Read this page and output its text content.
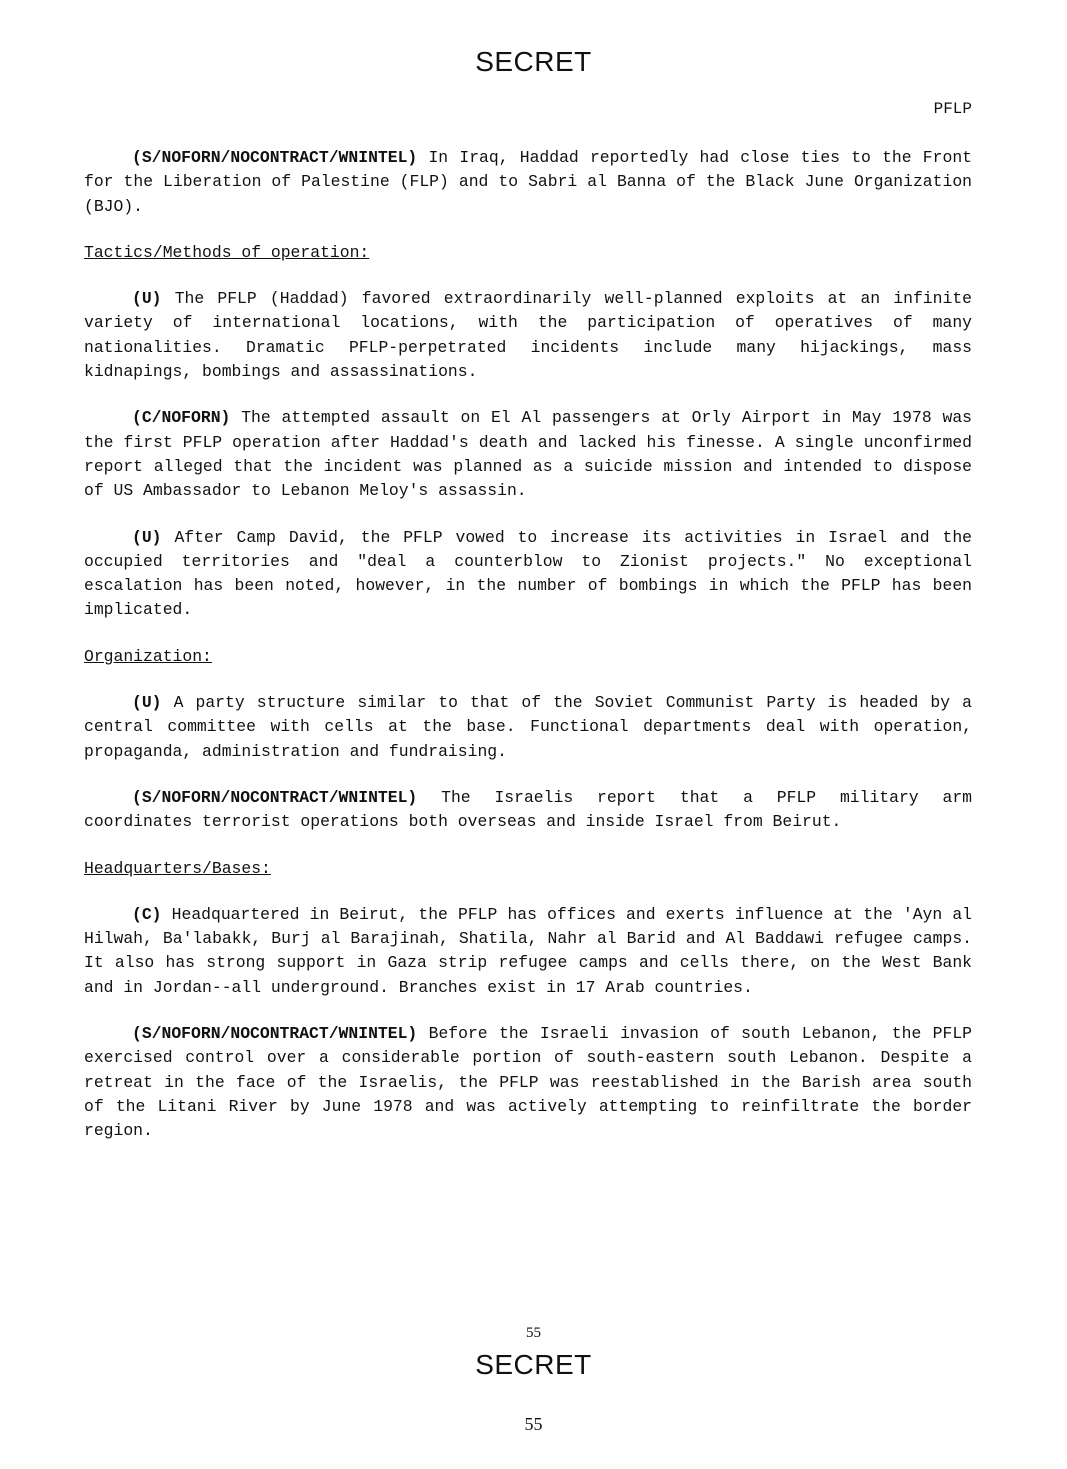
SECRET
PFLP

(S/NOFORN/NOCONTRACT/WNINTEL) In Iraq, Haddad reportedly had close ties to the Front for the Liberation of Palestine (FLP) and to Sabri al Banna of the Black June Organization (BJO).

Tactics/Methods of operation:

(U) The PFLP (Haddad) favored extraordinarily well-planned exploits at an infinite variety of international locations, with the participation of operatives of many nationalities. Dramatic PFLP-perpetrated incidents include many hijackings, mass kidnapings, bombings and assassinations.

(C/NOFORN) The attempted assault on El Al passengers at Orly Airport in May 1978 was the first PFLP operation after Haddad's death and lacked his finesse. A single unconfirmed report alleged that the incident was planned as a suicide mission and intended to dispose of US Ambassador to Lebanon Meloy's assassin.

(U) After Camp David, the PFLP vowed to increase its activities in Israel and the occupied territories and "deal a counterblow to Zionist projects." No exceptional escalation has been noted, however, in the number of bombings in which the PFLP has been implicated.

Organization:

(U) A party structure similar to that of the Soviet Communist Party is headed by a central committee with cells at the base. Functional departments deal with operation, propaganda, administration and fundraising.

(S/NOFORN/NOCONTRACT/WNINTEL) The Israelis report that a PFLP military arm coordinates terrorist operations both overseas and inside Israel from Beirut.

Headquarters/Bases:

(C) Headquartered in Beirut, the PFLP has offices and exerts influence at the 'Ayn al Hilwah, Ba'labakk, Burj al Barajinah, Shatila, Nahr al Barid and Al Baddawi refugee camps. It also has strong support in Gaza strip refugee camps and cells there, on the West Bank and in Jordan--all underground. Branches exist in 17 Arab countries.

(S/NOFORN/NOCONTRACT/WNINTEL) Before the Israeli invasion of south Lebanon, the PFLP exercised control over a considerable portion of south-eastern south Lebanon. Despite a retreat in the face of the Israelis, the PFLP was reestablished in the Barish area south of the Litani River by June 1978 and was actively attempting to reinfiltrate the border region.

55
SECRET
55
